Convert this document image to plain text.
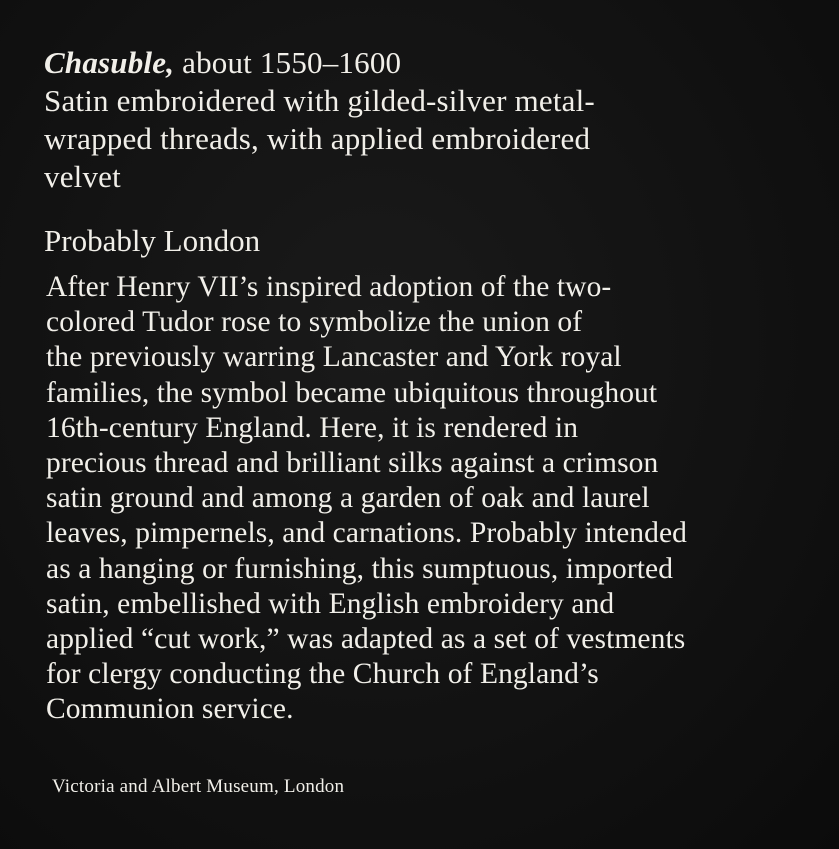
Chasuble, about 1550–1600
Satin embroidered with gilded-silver metal-
wrapped threads, with applied embroidered
velvet
Probably London
After Henry VII’s inspired adoption of the two-
colored Tudor rose to symbolize the union of
the previously warring Lancaster and York royal
families, the symbol became ubiquitous throughout
16th-century England. Here, it is rendered in
precious thread and brilliant silks against a crimson
satin ground and among a garden of oak and laurel
leaves, pimpernels, and carnations. Probably intended
as a hanging or furnishing, this sumptuous, imported
satin, embellished with English embroidery and
applied “cut work,” was adapted as a set of vestments
for clergy conducting the Church of England’s
Communion service.
Victoria and Albert Museum, London
